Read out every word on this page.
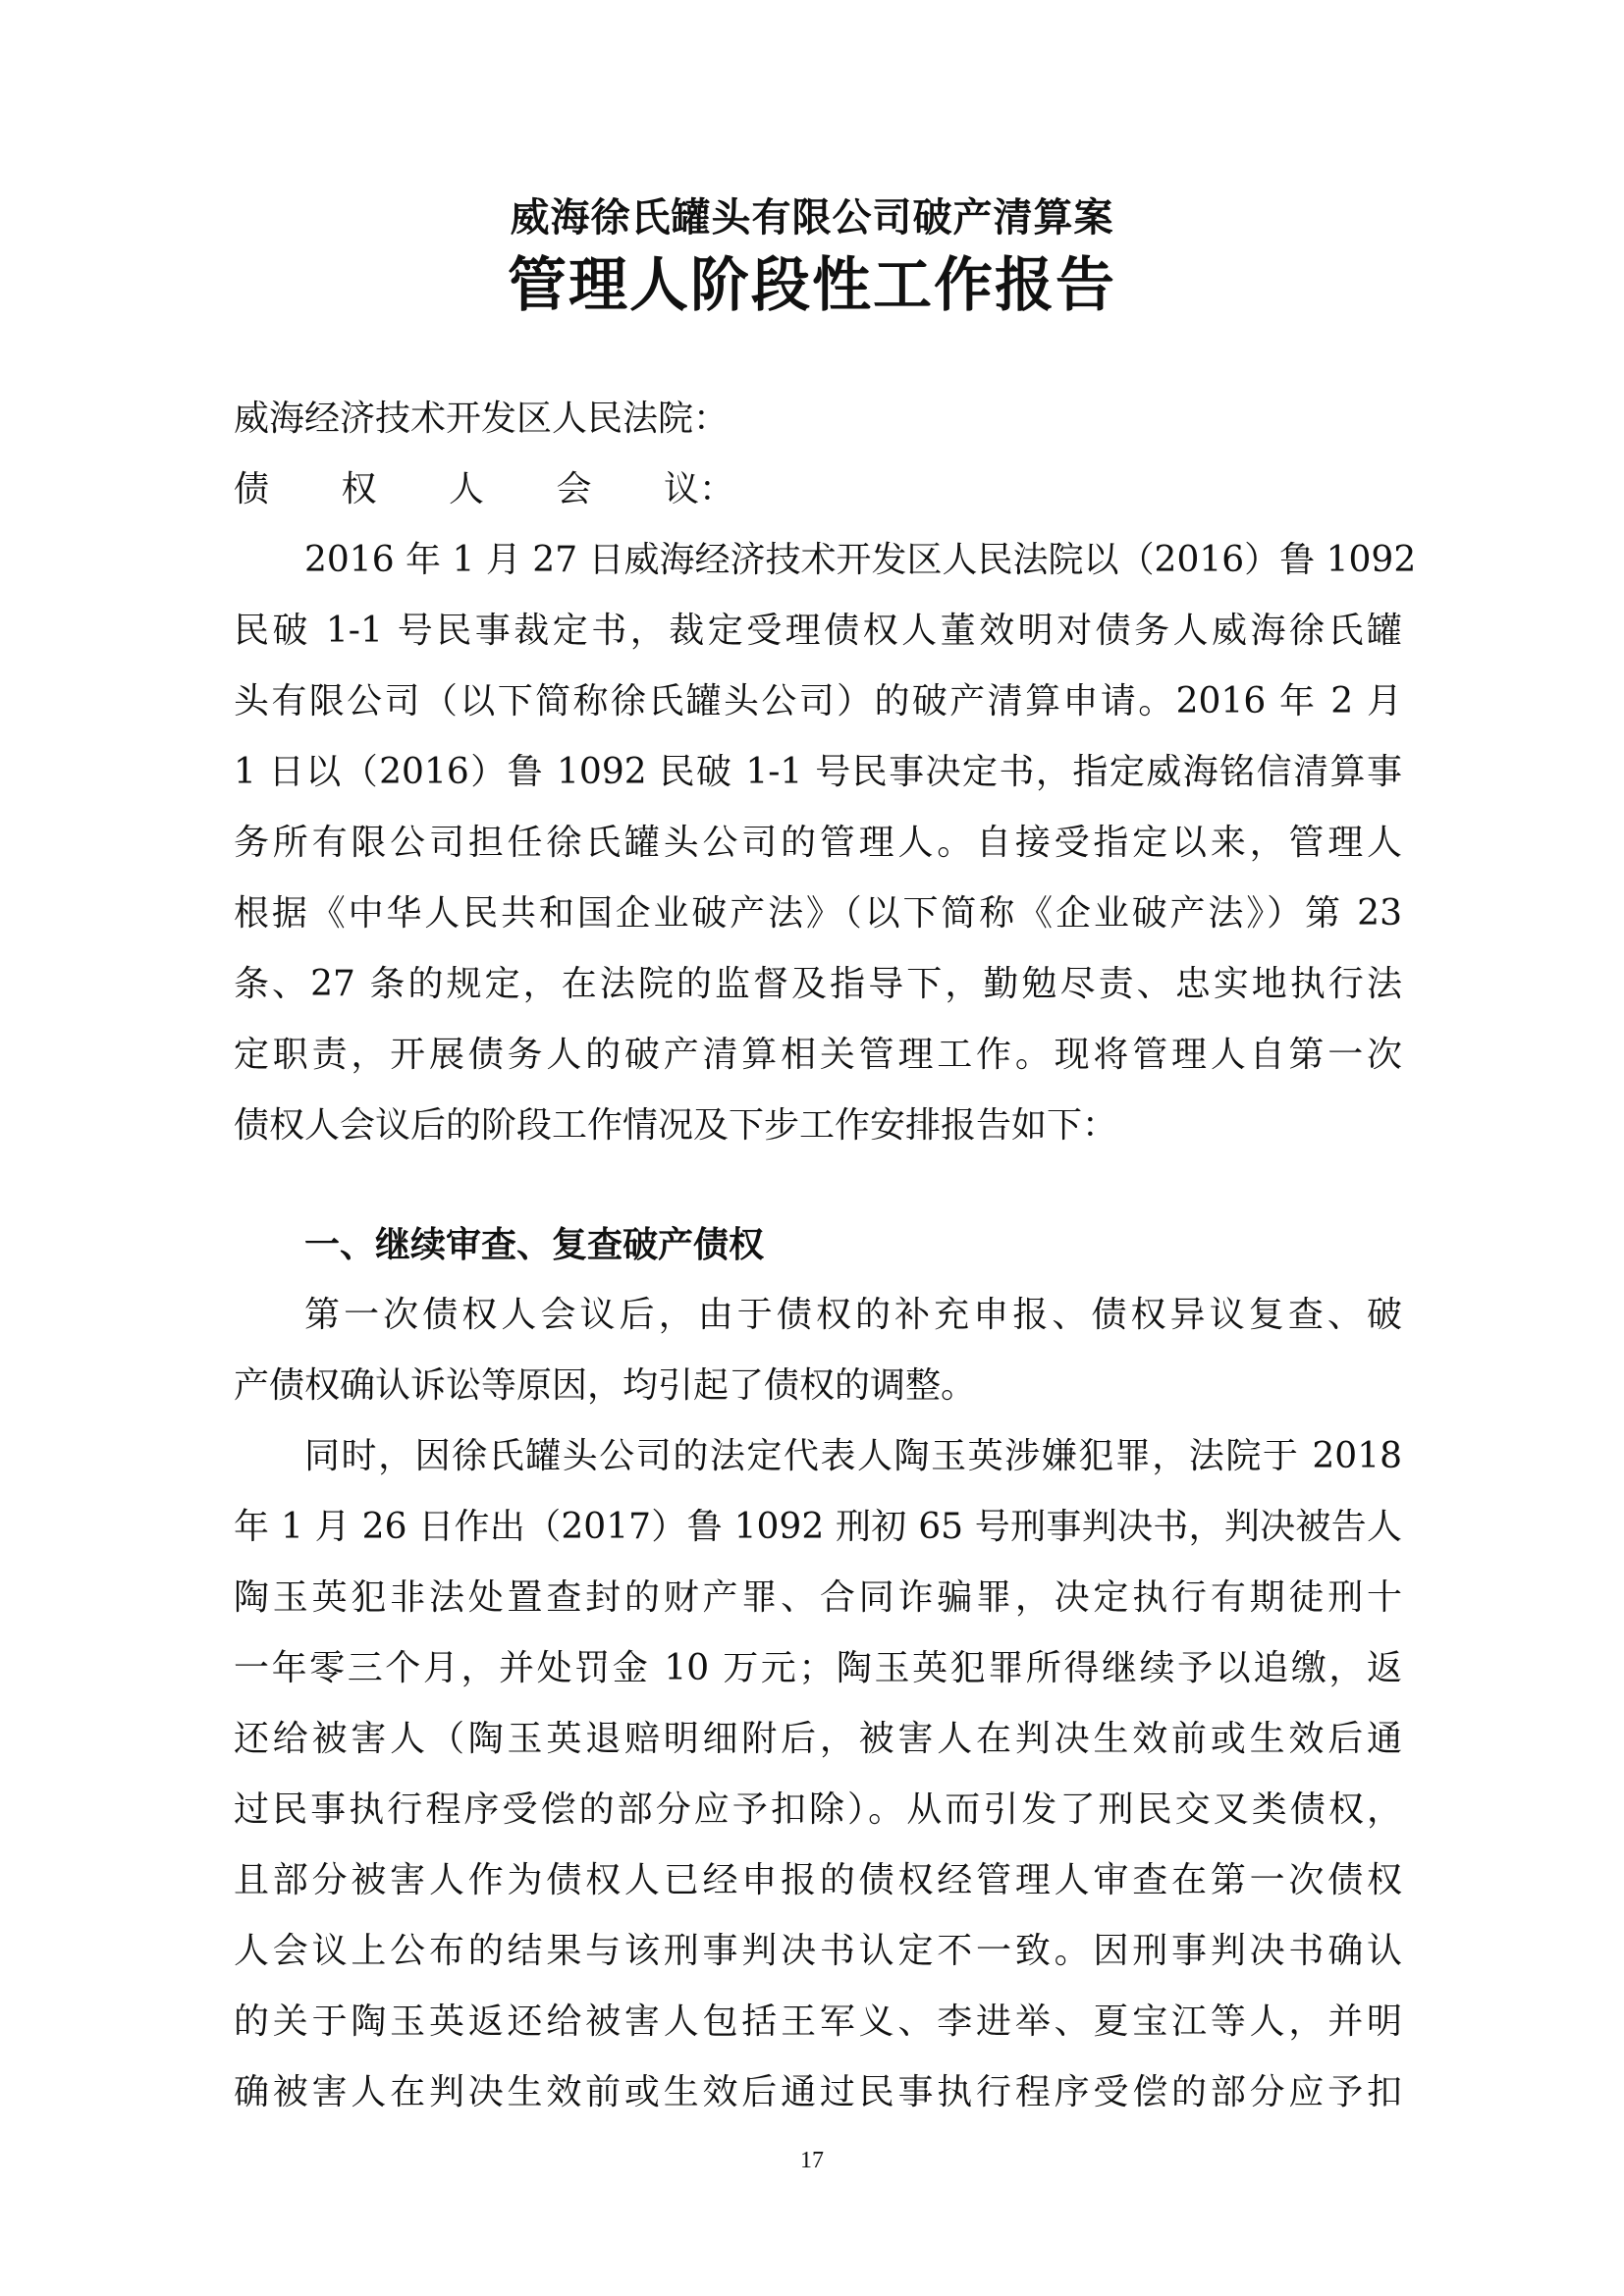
威海徐氏罐头有限公司破产清算案
管理人阶段性工作报告
威海经济技术开发区人民法院：
债 权 人 会 议：
2016 年 1 月 27 日威海经济技术开发区人民法院以（2016）鲁 1092
民破 1-1 号民事裁定书，裁定受理债权人董效明对债务人威海徐氏罐
头有限公司（以下简称徐氏罐头公司）的破产清算申请。2016 年 2 月
1 日以（2016）鲁 1092 民破 1-1 号民事决定书，指定威海铭信清算事
务所有限公司担任徐氏罐头公司的管理人。自接受指定以来，管理人
根据《中华人民共和国企业破产法》（以下简称《企业破产法》）第 23
条、27 条的规定，在法院的监督及指导下，勤勉尽责、忠实地执行法
定职责，开展债务人的破产清算相关管理工作。现将管理人自第一次
债权人会议后的阶段工作情况及下步工作安排报告如下：
一、继续审查、复查破产债权
第一次债权人会议后，由于债权的补充申报、债权异议复查、破
产债权确认诉讼等原因，均引起了债权的调整。
同时，因徐氏罐头公司的法定代表人陶玉英涉嫌犯罪，法院于 2018
年 1 月 26 日作出（2017）鲁 1092 刑初 65 号刑事判决书，判决被告人
陶玉英犯非法处置查封的财产罪、合同诈骗罪，决定执行有期徒刑十
一年零三个月，并处罚金 10 万元；陶玉英犯罪所得继续予以追缴，返
还给被害人（陶玉英退赔明细附后，被害人在判决生效前或生效后通
过民事执行程序受偿的部分应予扣除）。从而引发了刑民交叉类债权，
且部分被害人作为债权人已经申报的债权经管理人审查在第一次债权
人会议上公布的结果与该刑事判决书认定不一致。因刑事判决书确认
的关于陶玉英返还给被害人包括王军义、李进举、夏宝江等人，并明
确被害人在判决生效前或生效后通过民事执行程序受偿的部分应予扣
17
